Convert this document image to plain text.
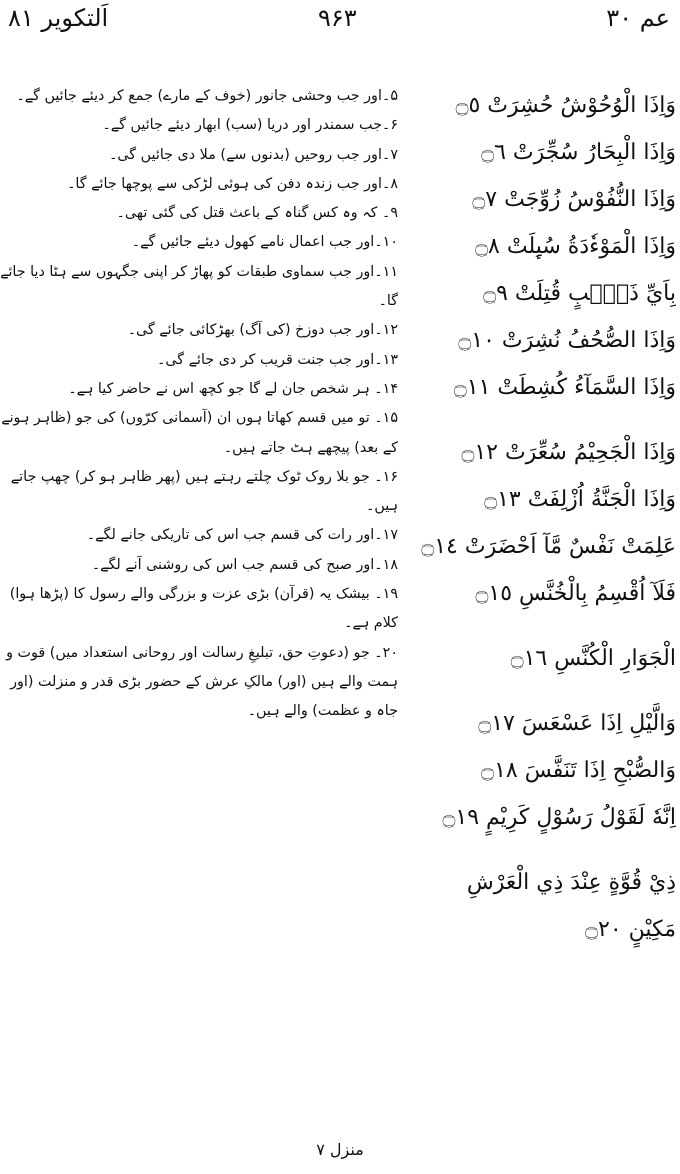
اَلتکویر ۸۱	۹۶۳	عم ۳۰
۵۔اور جب وحشی جانور (خوف کے مارے) جمع کر دیئے جائیں گے۔
۶۔جب سمندر اور دریا (سب) ابھار دیئے جائیں گے۔
۷۔اور جب روحیں (بدنوں سے) ملا دی جائیں گی۔
۸۔اور جب زندہ دفن کی ہوئی لڑکی سے پوچھا جائے گا۔
۹۔ کہ وہ کس گناہ کے باعث قتل کی گئی تھی۔
۱۰۔اور جب اعمال نامے کھول دیئے جائیں گے۔
۱۱۔اور جب سماوی طبقات کو پھاڑ کر اپنی جگہوں سے ہٹا دیا جائے گا۔
۱۲۔اور جب دوزخ (کی آگ) بھڑکائی جائے گی۔
۱۳۔اور جب جنت قریب کر دی جائے گی۔
۱۴۔ ہر شخص جان لے گا جو کچھ اس نے حاضر کیا ہے۔
۱۵۔ تو میں قسم کھاتا ہوں ان (آسمانی کرّوں) کی جو (ظاہر ہونے کے بعد) پیچھے ہٹ جاتے ہیں۔
۱۶۔ جو بلا روک ٹوک چلتے رہتے ہیں (پھر ظاہر ہو کر) چھپ جاتے ہیں۔
۱۷۔اور رات کی قسم جب اس کی تاریکی جانے لگے۔
۱۸۔اور صبح کی قسم جب اس کی روشنی آنے لگے۔
۱۹۔ بیشک یہ (قرآن) بڑی عزت و بزرگی والے رسول کا (پڑھا ہوا) کلام ہے۔
۲۰۔ جو (دعوتِ حق، تبلیغِ رسالت اور روحانی استعداد میں) قوت و ہمت والے ہیں (اور) مالکِ عرش کے حضور بڑی قدر و منزلت (اور جاہ و عظمت) والے ہیں۔
وَاِذَا الْوُحُوْشُ حُشِرَتْ ۝٥
وَاِذَا الْبِحَارُ سُجِّرَتْ ۝٦
وَاِذَا النُّفُوْسُ زُوِّجَتْ ۝٧
وَاِذَا الْمَوْءٗدَةُ سُىِٕلَتْ ۝٨
بِاَيِّ ذَنْۢبٍ قُتِلَتْ ۝٩
وَاِذَا الصُّحُفُ نُشِرَتْ ۝١٠
وَاِذَا السَّمَآءُ كُشِطَتْ ۝١١
وَاِذَا الْجَحِيْمُ سُعِّرَتْ ۝١٢
وَاِذَا الْجَنَّةُ اُزْلِفَتْ ۝١٣
عَلِمَتْ نَفْسٌ مَّآ اَحْضَرَتْ ۝١٤
فَلَآ اُقْسِمُ بِالْخُنَّسِ ۝١٥
الْجَوَارِ الْكُنَّسِ ۝١٦
وَالَّيْلِ اِذَا عَسْعَسَ ۝١٧
وَالصُّبْحِ اِذَا تَنَفَّسَ ۝١٨
اِنَّهٗ لَقَوْلُ رَسُوْلٍ كَرِيْمٍ ۝١٩
ذِيْ قُوَّةٍ عِنْدَ ذِي الْعَرْشِ
مَكِيْنٍ ۝٢٠
منزل ۷
